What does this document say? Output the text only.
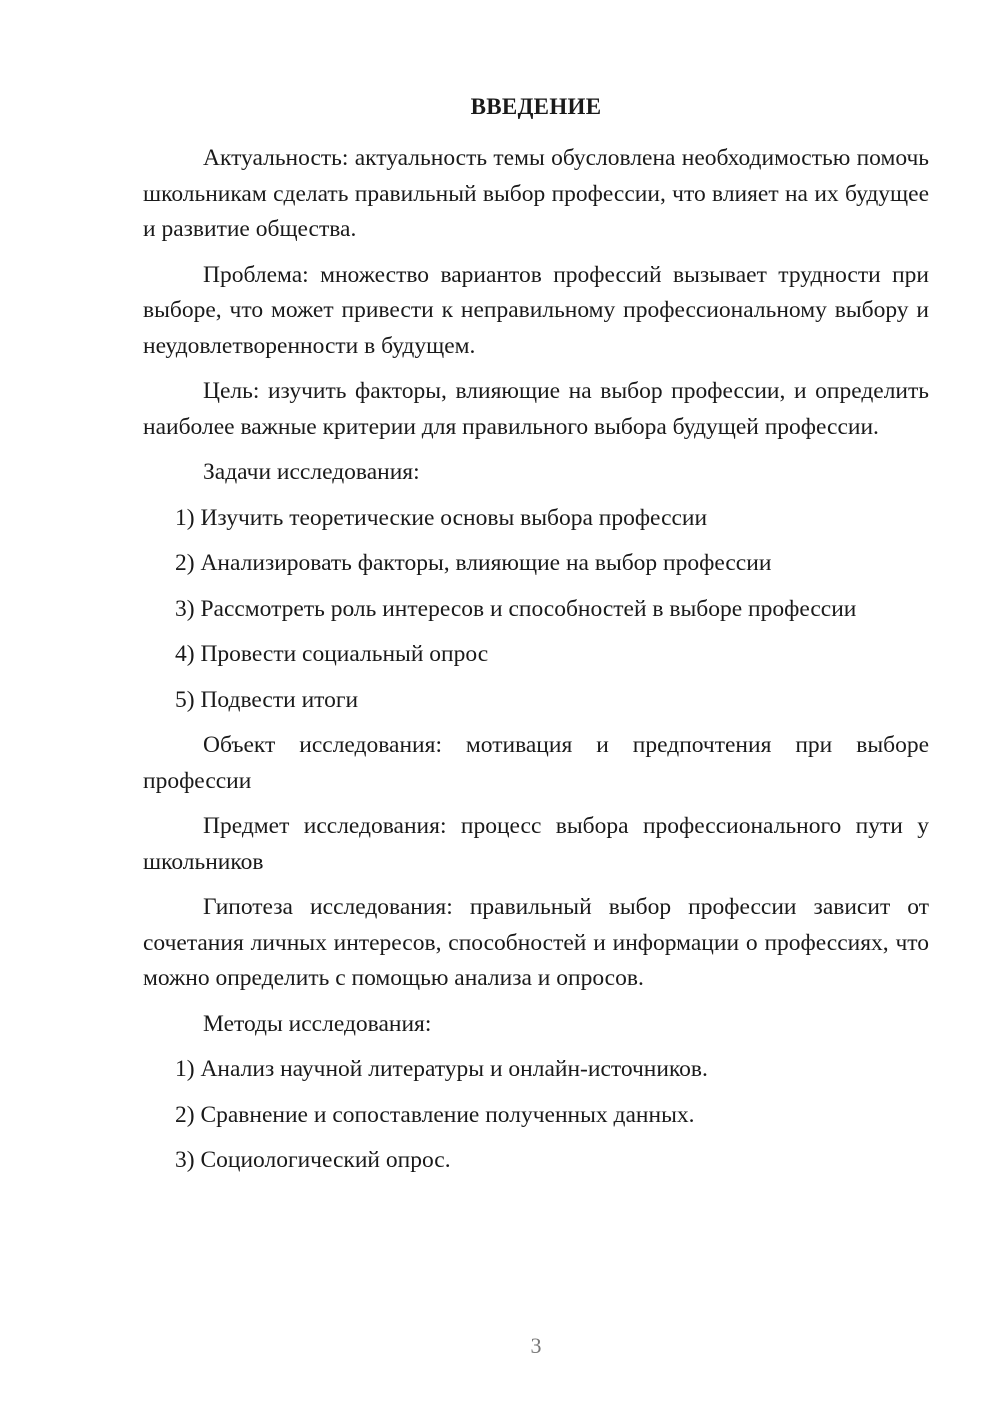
ВВЕДЕНИЕ

Актуальность: актуальность темы обусловлена необходимостью помочь школьникам сделать правильный выбор профессии, что влияет на их будущее и развитие общества.

Проблема: множество вариантов профессий вызывает трудности при выборе, что может привести к неправильному профессиональному выбору и неудовлетворенности в будущем.

Цель: изучить факторы, влияющие на выбор профессии, и определить наиболее важные критерии для правильного выбора будущей профессии.

Задачи исследования:

1) Изучить теоретические основы выбора профессии

2) Анализировать факторы, влияющие на выбор профессии

3) Рассмотреть роль интересов и способностей в выборе профессии

4) Провести социальный опрос

5) Подвести итоги

Объект исследования: мотивация и предпочтения при выборе профессии

Предмет исследования: процесс выбора профессионального пути у школьников

Гипотеза исследования: правильный выбор профессии зависит от сочетания личных интересов, способностей и информации о профессиях, что можно определить с помощью анализа и опросов.

Методы исследования:

1) Анализ научной литературы и онлайн-источников.

2) Сравнение и сопоставление полученных данных.

3) Социологический опрос.

3
